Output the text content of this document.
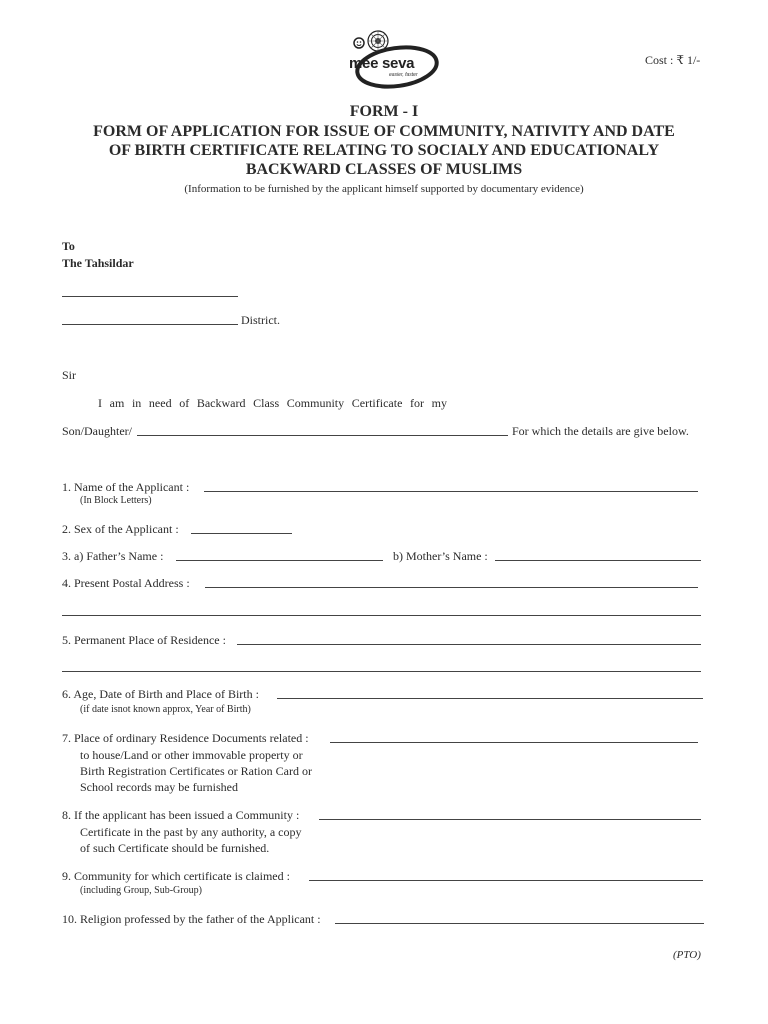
mee seva
easier, faster
Cost : ₹ 1/-
FORM - I
FORM OF APPLICATION FOR ISSUE OF COMMUNITY, NATIVITY AND DATE
OF BIRTH CERTIFICATE RELATING TO SOCIALY AND EDUCATIONALY
BACKWARD CLASSES OF MUSLIMS
(Information to be furnished by the applicant himself supported by documentary evidence)
To
The Tahsildar
District.
Sir
I am in need of Backward Class Community Certificate for my
Son/Daughter/	For which the details are give below.
1. Name of the Applicant :
(In Block Letters)
2. Sex of the Applicant :
3. a) Father’s Name :	b) Mother’s Name :
4. Present Postal Address :
5. Permanent Place of Residence :
6. Age, Date of Birth and Place of Birth :
(if date isnot known approx, Year of Birth)
7. Place of ordinary Residence Documents related :
to house/Land or other immovable property or
Birth Registration Certificates or Ration Card or
School records may be furnished
8. If the applicant has been issued a Community :
Certificate in the past by any authority, a copy
of such Certificate should be furnished.
9. Community for which certificate is claimed :
(including Group, Sub-Group)
10. Religion professed by the father of the Applicant :
(PTO)
